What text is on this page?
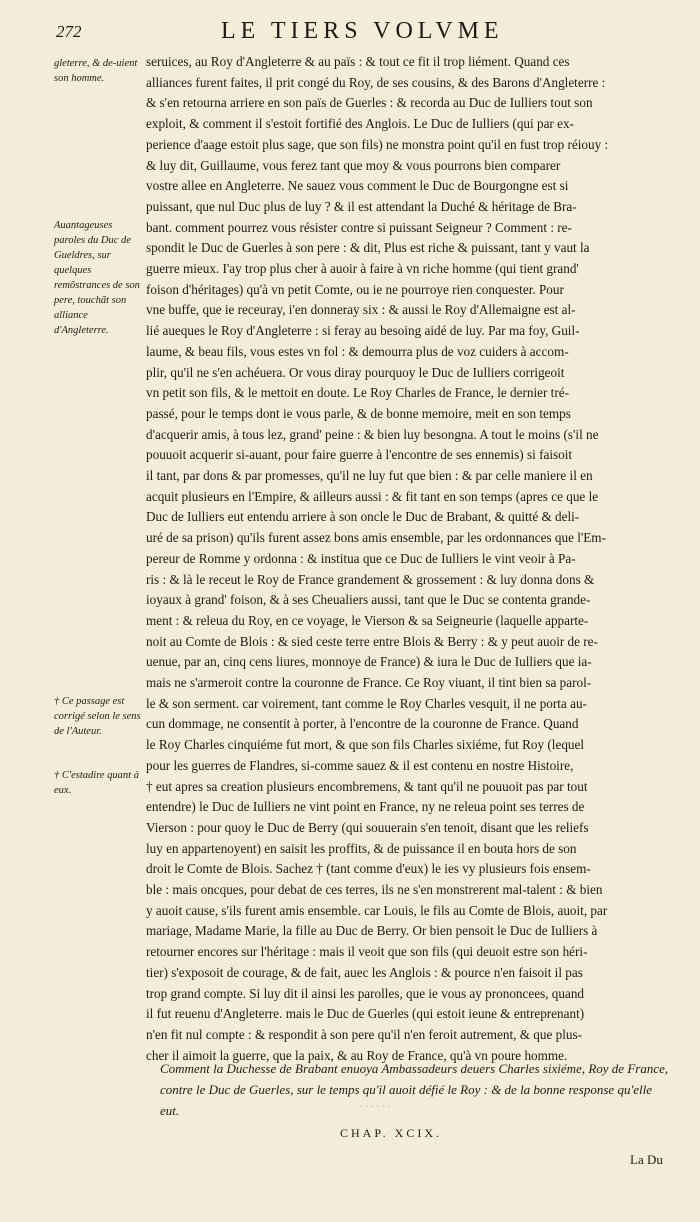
272	LE TIERS VOLVME
gleterre, & de-uient son homme.
Auantageuses paroles du Duc de Gueldres, sur quelques remõstrances de son pere, touchãt son alliance d'Angleterre.
† Ce passage est corrigé selon le sens de l'Auteur.
† C'estadire quant à eux.
seruices, au Roy d'Angleterre & au païs : & tout ce fit il trop liément. Quand ces
alliances furent faites, il prit congé du Roy, de ses cousins, & des Barons d'Angleterre :
& s'en retourna arriere en son païs de Guerles : & recorda au Duc de Iulliers tout son
exploit, & comment il s'estoit fortifié des Anglois. Le Duc de Iulliers (qui par ex-
perience d'aage estoit plus sage, que son fils) ne monstra point qu'il en fust trop réiouy :
& luy dit, Guillaume, vous ferez tant que moy & vous pourrons bien comparer
vostre allee en Angleterre. Ne sauez vous comment le Duc de Bourgongne est si
puissant, que nul Duc plus de luy ? & il est attendant la Duché & héritage de Bra-
bant. comment pourrez vous résister contre si puissant Seigneur ? Comment : re-
spondit le Duc de Guerles à son pere : & dit, Plus est riche & puissant, tant y vaut la
guerre mieux. I'ay trop plus cher à auoir à faire à vn riche homme (qui tient grand'
foison d'héritages) qu'à vn petit Comte, ou ie ne pourroye rien conquester. Pour
vne buffe, que ie receuray, i'en donneray six : & aussi le Roy d'Allemaigne est al-
lié aueques le Roy d'Angleterre : si feray au besoing aidé de luy. Par ma foy, Guil-
laume, & beau fils, vous estes vn fol : & demourra plus de voz cuiders à accom-
plir, qu'il ne s'en achéuera. Or vous diray pourquoy le Duc de Iulliers corrigeoit
vn petit son fils, & le mettoit en doute. Le Roy Charles de France, le dernier tré-
passé, pour le temps dont ie vous parle, & de bonne memoire, meit en son temps
d'acquerir amis, à tous lez, grand' peine : & bien luy besongna. A tout le moins (s'il ne
pouuoit acquerir si-auant, pour faire guerre à l'encontre de ses ennemis) si faisoit
il tant, par dons & par promesses, qu'il ne luy fut que bien : & par celle maniere il en
acquit plusieurs en l'Empire, & ailleurs aussi : & fit tant en son temps (apres ce que le
Duc de Iulliers eut entendu arriere à son oncle le Duc de Brabant, & quitté & deli-
uré de sa prison) qu'ils furent assez bons amis ensemble, par les ordonnances que l'Em-
pereur de Romme y ordonna : & institua que ce Duc de Iulliers le vint veoir à Pa-
ris : & là le receut le Roy de France grandement & grossement : & luy donna dons &
ioyaux à grand' foison, & à ses Cheualiers aussi, tant que le Duc se contenta grande-
ment : & releua du Roy, en ce voyage, le Vierson & sa Seigneurie (laquelle apparte-
noit au Comte de Blois : & sied ceste terre entre Blois & Berry : & y peut auoir de re-
uenue, par an, cinq cens liures, monnoye de France) & iura le Duc de Iulliers que ia-
mais ne s'armeroit contre la couronne de France. Ce Roy viuant, il tint bien sa parol-
le & son serment. car voirement, tant comme le Roy Charles vesquit, il ne porta au-
cun dommage, ne consentit à porter, à l'encontre de la couronne de France. Quand
le Roy Charles cinquiéme fut mort, & que son fils Charles sixiéme, fut Roy (lequel
pour les guerres de Flandres, si-comme sauez & il est contenu en nostre Histoire,
† eut apres sa creation plusieurs encombremens, & tant qu'il ne pouuoit pas par tout
entendre) le Duc de Iulliers ne vint point en France, ny ne releua point ses terres de
Vierson : pour quoy le Duc de Berry (qui souuerain s'en tenoit, disant que les reliefs
luy en appartenoyent) en saisit les proffits, & de puissance il en bouta hors de son
droit le Comte de Blois. Sachez † (tant comme d'eux) le ies vy plusieurs fois ensem-
ble : mais oncques, pour debat de ces terres, ils ne s'en monstrerent mal-talent : & bien
y auoit cause, s'ils furent amis ensemble. car Louis, le fils au Comte de Blois, auoit, par
mariage, Madame Marie, la fille au Duc de Berry. Or bien pensoit le Duc de Iulliers à
retourner encores sur l'héritage : mais il veoit que son fils (qui deuoit estre son héri-
tier) s'exposoit de courage, & de fait, auec les Anglois : & pource n'en faisoit il pas
trop grand compte. Si luy dit il ainsi les parolles, que ie vous ay prononcees, quand
il fut reuenu d'Angleterre. mais le Duc de Guerles (qui estoit ieune & entreprenant)
n'en fit nul compte : & respondit à son pere qu'il n'en feroit autrement, & que plus-
cher il aimoit la guerre, que la paix, & au Roy de France, qu'à vn poure homme.
Comment la Duchesse de Brabant enuoya Ambassadeurs deuers Charles sixiéme, Roy de France, contre le Duc de Guerles, sur le temps qu'il auoit défié le Roy : & de la bonne response qu'elle eut.
CHAP. XCIX.
La Du
. . . . . .
